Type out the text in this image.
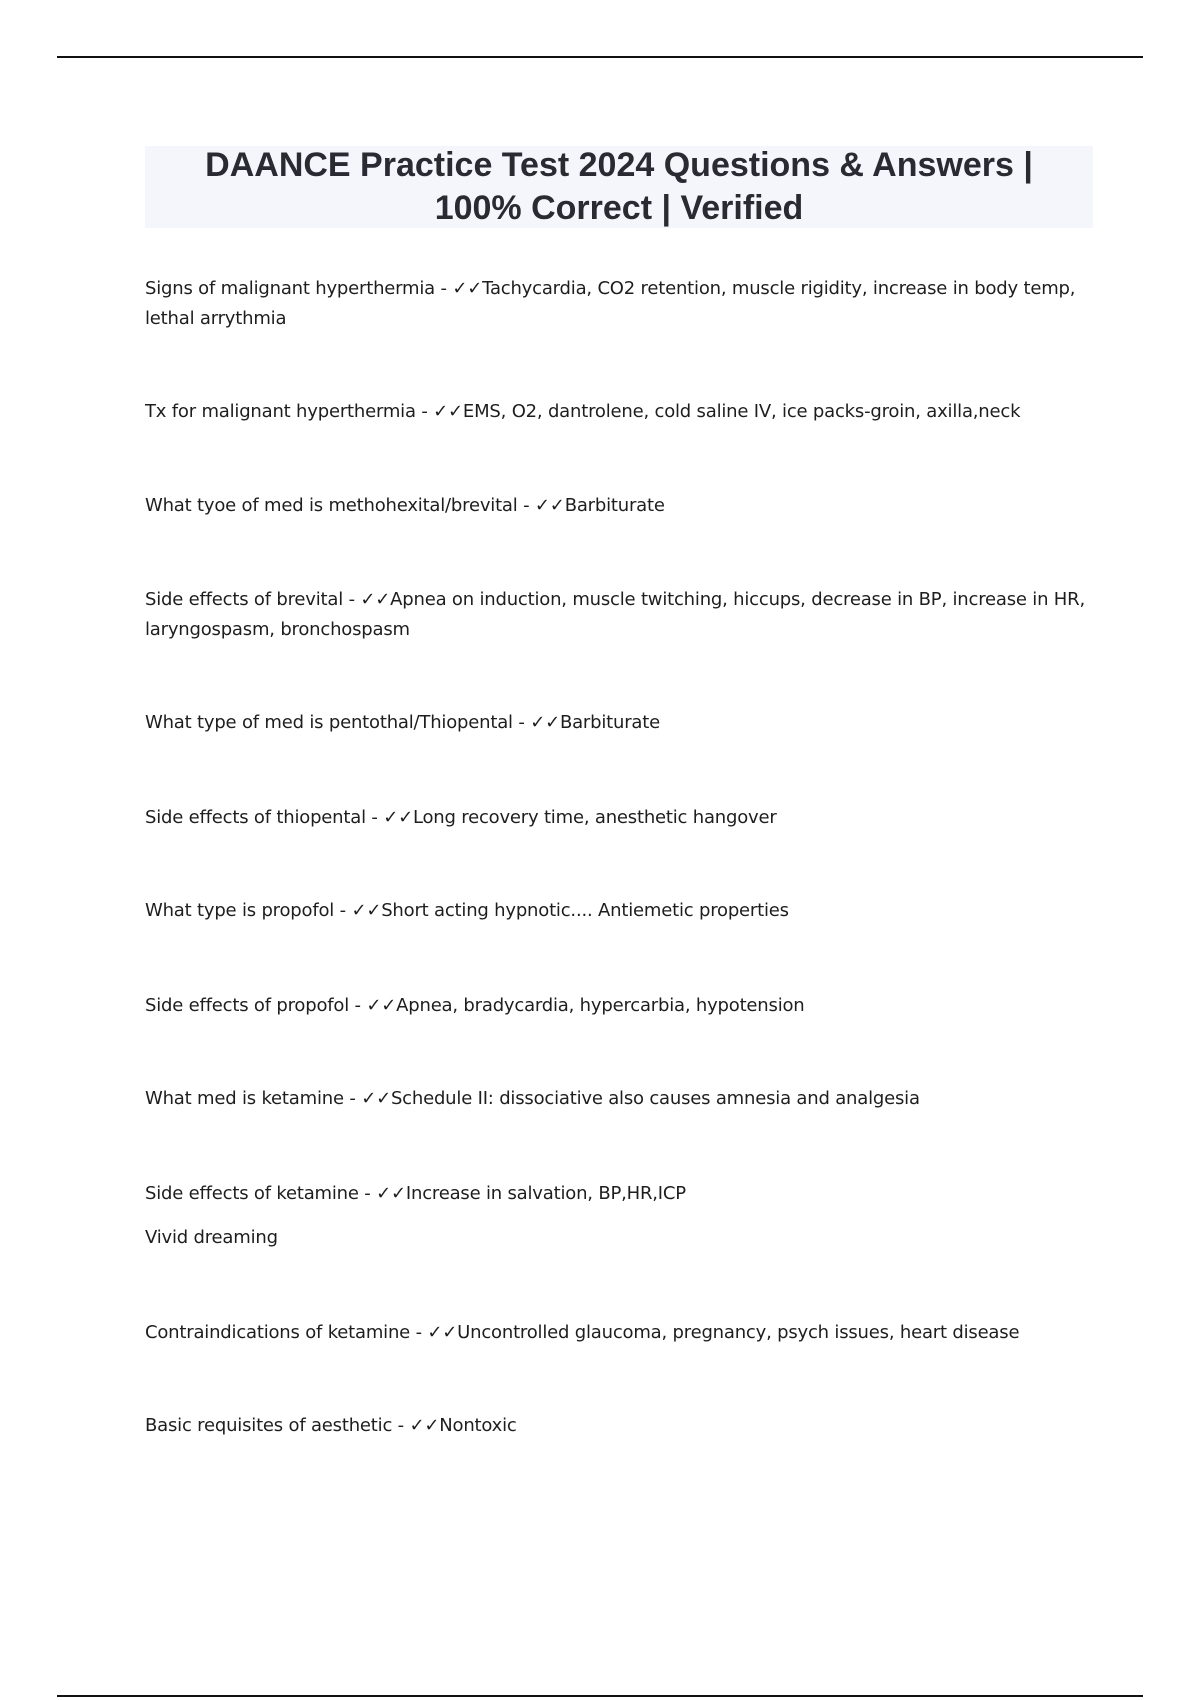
DAANCE Practice Test 2024 Questions & Answers | 100% Correct | Verified
Signs of malignant hyperthermia - ✓✓Tachycardia, CO2 retention, muscle rigidity, increase in body temp, lethal arrythmia
Tx for malignant hyperthermia - ✓✓EMS, O2, dantrolene, cold saline IV, ice packs-groin, axilla,neck
What tyoe of med is methohexital/brevital - ✓✓Barbiturate
Side effects of brevital - ✓✓Apnea on induction, muscle twitching, hiccups, decrease in BP, increase in HR, laryngospasm, bronchospasm
What type of med is pentothal/Thiopental - ✓✓Barbiturate
Side effects of thiopental - ✓✓Long recovery time, anesthetic hangover
What type is propofol - ✓✓Short acting hypnotic.... Antiemetic properties
Side effects of propofol - ✓✓Apnea, bradycardia, hypercarbia, hypotension
What med is ketamine - ✓✓Schedule II: dissociative also causes amnesia and analgesia
Side effects of ketamine - ✓✓Increase in salvation, BP,HR,ICP
Vivid dreaming
Contraindications of ketamine - ✓✓Uncontrolled glaucoma, pregnancy, psych issues, heart disease
Basic requisites of aesthetic - ✓✓Nontoxic
